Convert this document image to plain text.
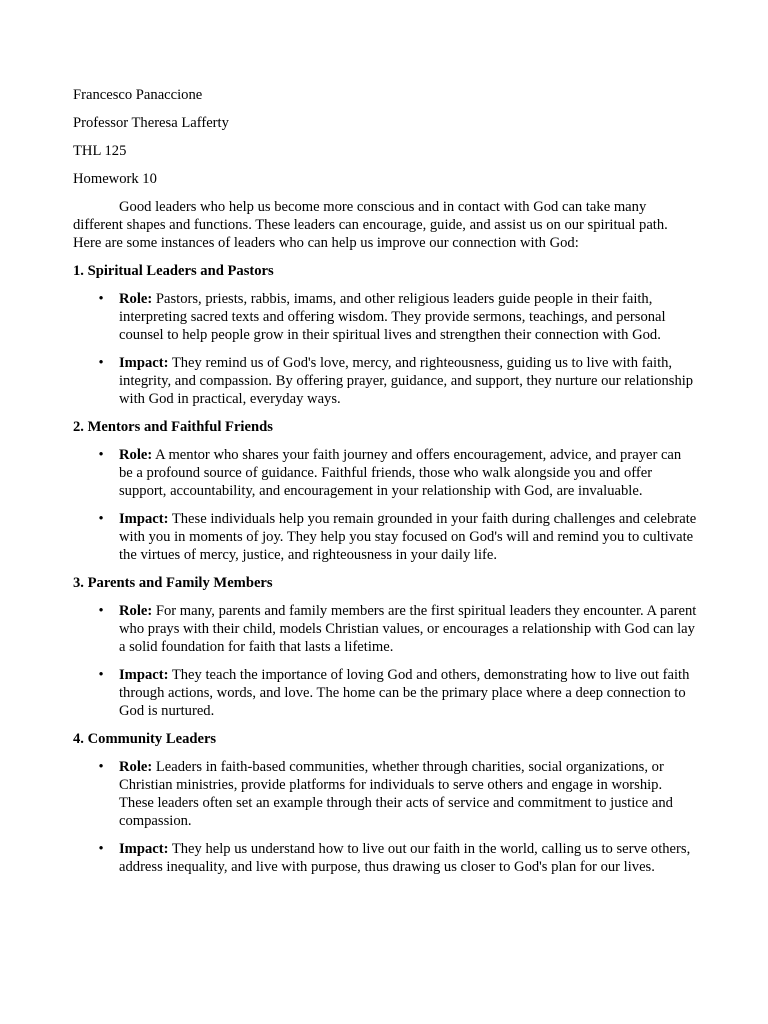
Francesco Panaccione

Professor Theresa Lafferty

THL 125

Homework 10

Good leaders who help us become more conscious and in contact with God can take many different shapes and functions. These leaders can encourage, guide, and assist us on our spiritual path. Here are some instances of leaders who can help us improve our connection with God:

1. Spiritual Leaders and Pastors

• Role: Pastors, priests, rabbis, imams, and other religious leaders guide people in their faith, interpreting sacred texts and offering wisdom. They provide sermons, teachings, and personal counsel to help people grow in their spiritual lives and strengthen their connection with God.
• Impact: They remind us of God's love, mercy, and righteousness, guiding us to live with faith, integrity, and compassion. By offering prayer, guidance, and support, they nurture our relationship with God in practical, everyday ways.

2. Mentors and Faithful Friends

• Role: A mentor who shares your faith journey and offers encouragement, advice, and prayer can be a profound source of guidance. Faithful friends, those who walk alongside you and offer support, accountability, and encouragement in your relationship with God, are invaluable.
• Impact: These individuals help you remain grounded in your faith during challenges and celebrate with you in moments of joy. They help you stay focused on God's will and remind you to cultivate the virtues of mercy, justice, and righteousness in your daily life.

3. Parents and Family Members

• Role: For many, parents and family members are the first spiritual leaders they encounter. A parent who prays with their child, models Christian values, or encourages a relationship with God can lay a solid foundation for faith that lasts a lifetime.
• Impact: They teach the importance of loving God and others, demonstrating how to live out faith through actions, words, and love. The home can be the primary place where a deep connection to God is nurtured.

4. Community Leaders

• Role: Leaders in faith-based communities, whether through charities, social organizations, or Christian ministries, provide platforms for individuals to serve others and engage in worship. These leaders often set an example through their acts of service and commitment to justice and compassion.
• Impact: They help us understand how to live out our faith in the world, calling us to serve others, address inequality, and live with purpose, thus drawing us closer to God's plan for our lives.
